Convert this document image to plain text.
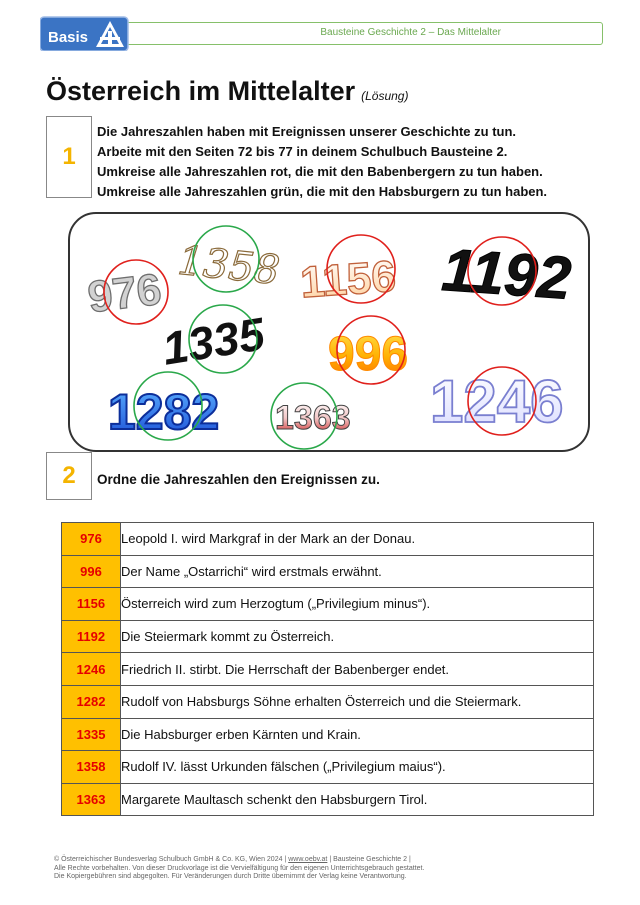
Bausteine Geschichte 2 – Das Mittelalter
Basis
Österreich im Mittelalter (Lösung)
1
Die Jahreszahlen haben mit Ereignissen unserer Geschichte zu tun.
Arbeite mit den Seiten 72 bis 77 in deinem Schulbuch Bausteine 2.
Umkreise alle Jahreszahlen rot, die mit den Babenbergern zu tun haben.
Umkreise alle Jahreszahlen grün, die mit den Habsburgern zu tun haben.
976 1358 1156 1192
1335 996
1282 1363 1246
2	Ordne die Jahreszahlen den Ereignissen zu.
976	Leopold I. wird Markgraf in der Mark an der Donau.
996	Der Name „Ostarrichi“ wird erstmals erwähnt.
1156	Österreich wird zum Herzogtum („Privilegium minus“).
1192	Die Steiermark kommt zu Österreich.
1246	Friedrich II. stirbt. Die Herrschaft der Babenberger endet.
1282	Rudolf von Habsburgs Söhne erhalten Österreich und die Steiermark.
1335	Die Habsburger erben Kärnten und Krain.
1358	Rudolf IV. lässt Urkunden fälschen („Privilegium maius“).
1363	Margarete Maultasch schenkt den Habsburgern Tirol.
© Österreichischer Bundesverlag Schulbuch GmbH & Co. KG, Wien 2024 | www.oebv.at | Bausteine Geschichte 2 |
Alle Rechte vorbehalten. Von dieser Druckvorlage ist die Vervielfältigung für den eigenen Unterrichtsgebrauch gestattet.
Die Kopiergebühren sind abgegolten. Für Veränderungen durch Dritte übernimmt der Verlag keine Verantwortung.
